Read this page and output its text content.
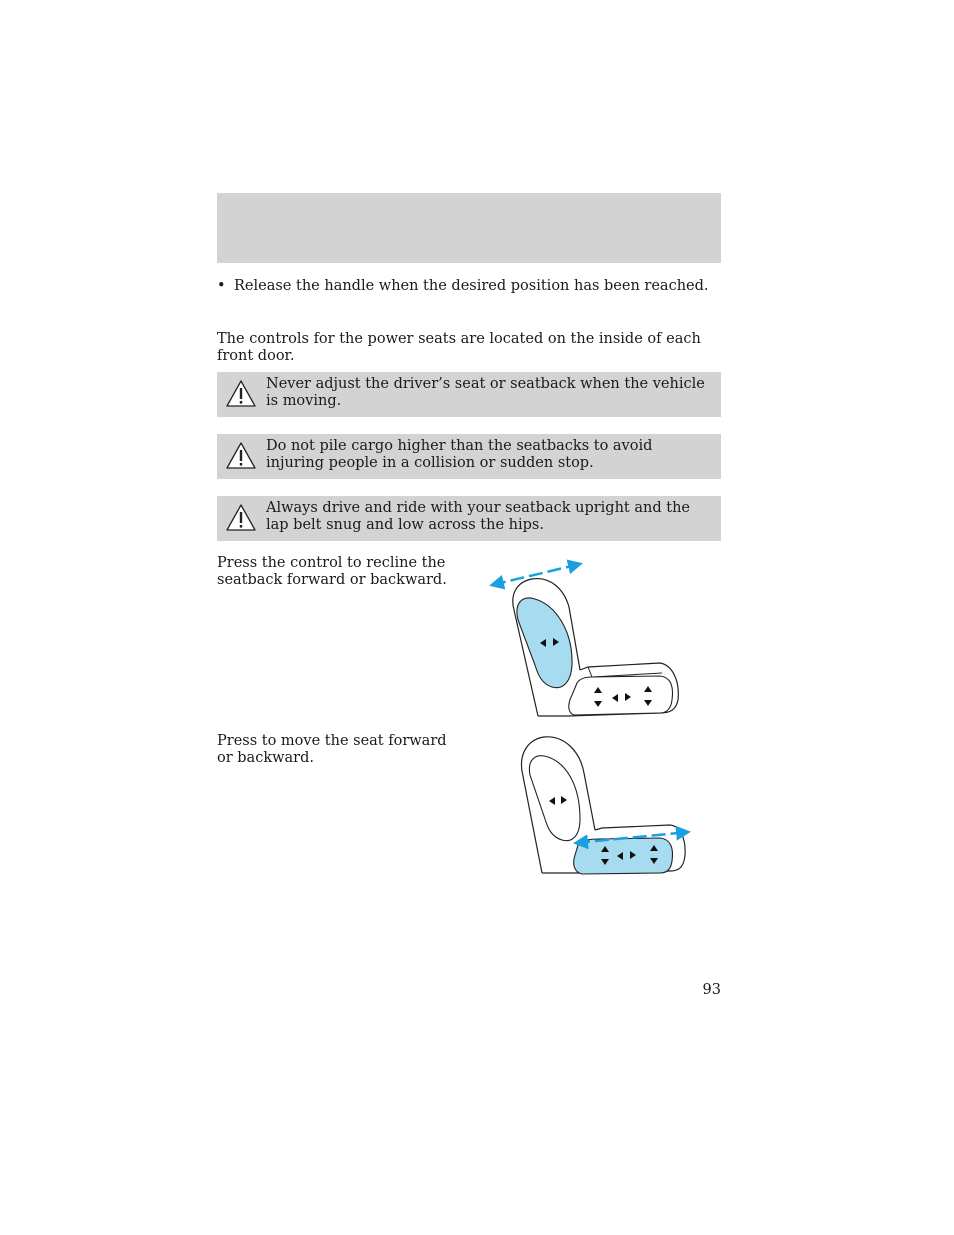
• Release the handle when the desired position has been reached.
The controls for the power seats are located on the inside of each front door.
Never adjust the driver’s seat or seatback when the vehicle is moving.
Do not pile cargo higher than the seatbacks to avoid injuring people in a collision or sudden stop.
Always drive and ride with your seatback upright and the lap belt snug and low across the hips.
Press the control to recline the seatback forward or backward.
Press to move the seat forward or backward.
93
